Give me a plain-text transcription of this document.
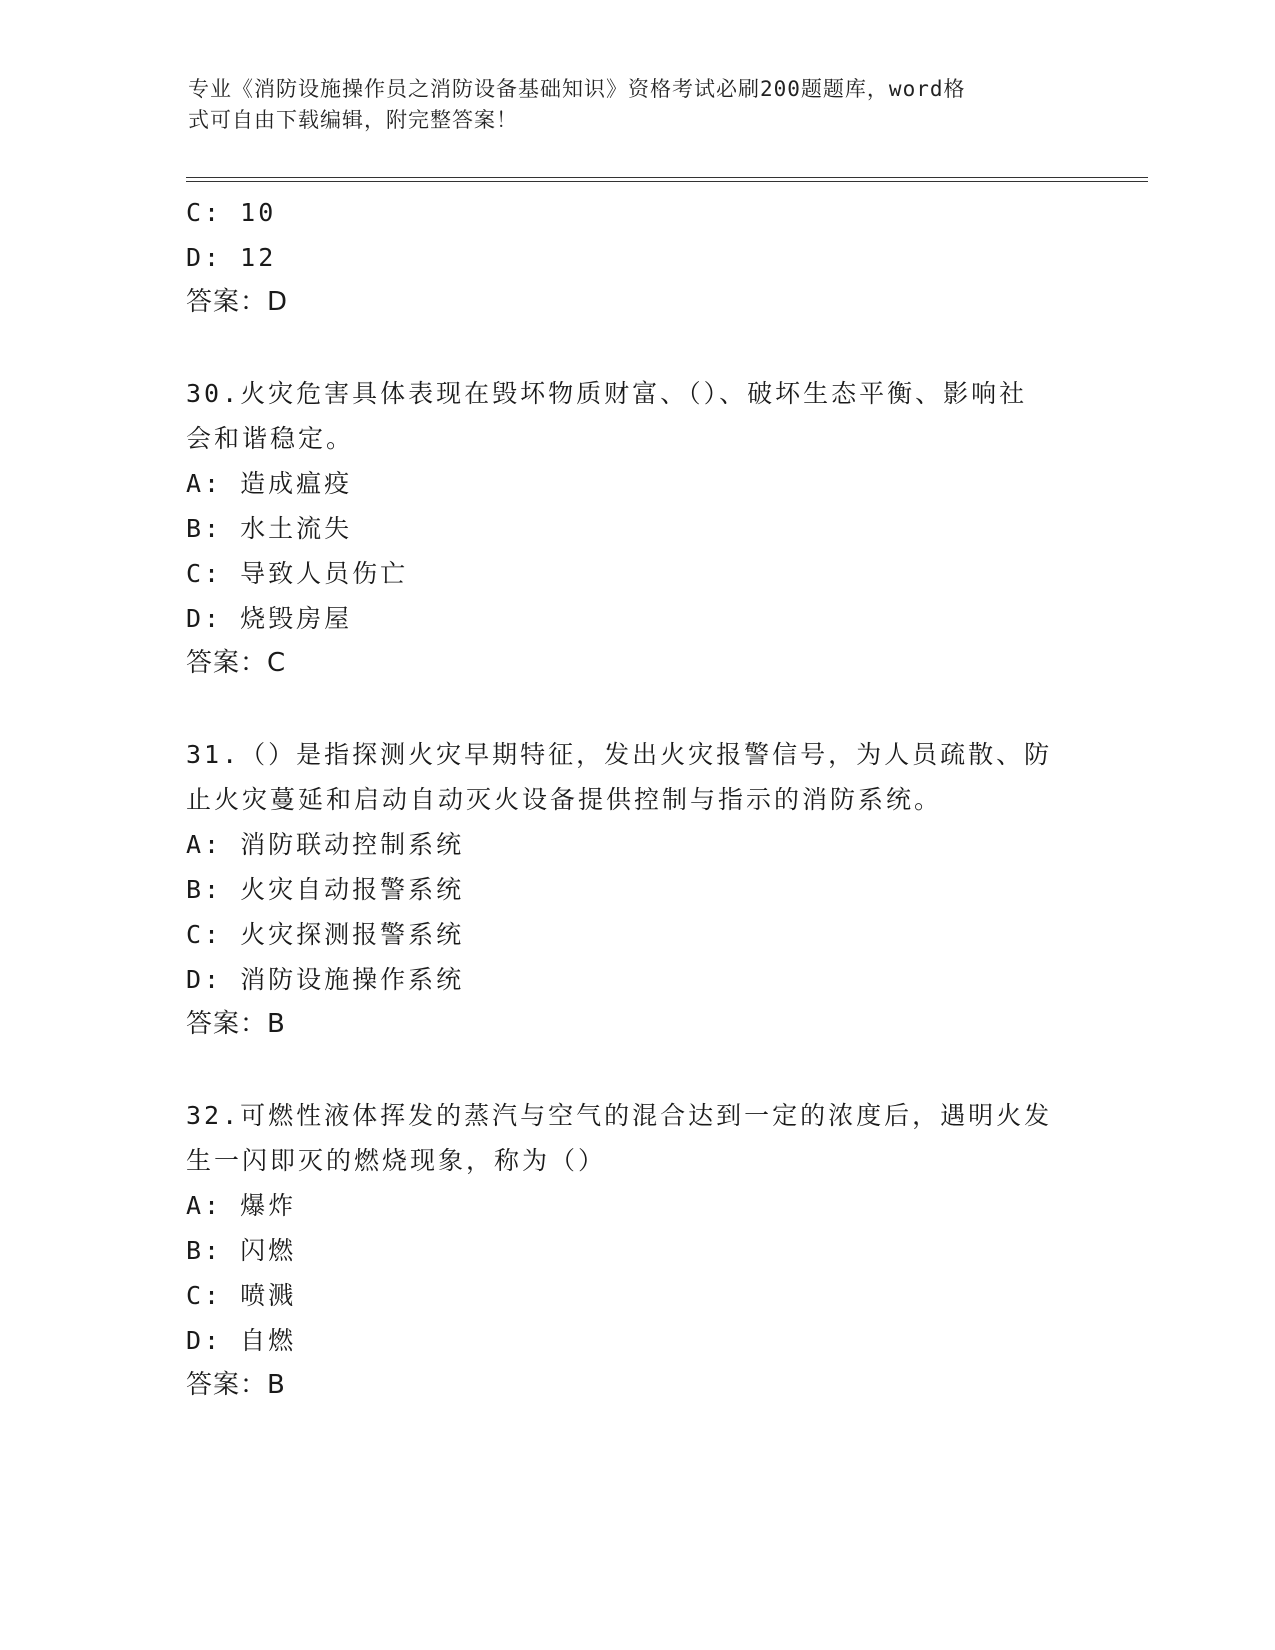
专业《消防设施操作员之消防设备基础知识》资格考试必刷200题题库，word格
式可自由下载编辑，附完整答案！
C: 10
D: 12
答案：D
30.火灾危害具体表现在毁坏物质财富、（）、破坏生态平衡、影响社
会和谐稳定。
A: 造成瘟疫
B: 水土流失
C: 导致人员伤亡
D: 烧毁房屋
答案：C
31.（）是指探测火灾早期特征，发出火灾报警信号，为人员疏散、防
止火灾蔓延和启动自动灭火设备提供控制与指示的消防系统。
A: 消防联动控制系统
B: 火灾自动报警系统
C: 火灾探测报警系统
D: 消防设施操作系统
答案：B
32.可燃性液体挥发的蒸汽与空气的混合达到一定的浓度后，遇明火发
生一闪即灭的燃烧现象，称为（）
A: 爆炸
B: 闪燃
C: 喷溅
D: 自燃
答案：B
